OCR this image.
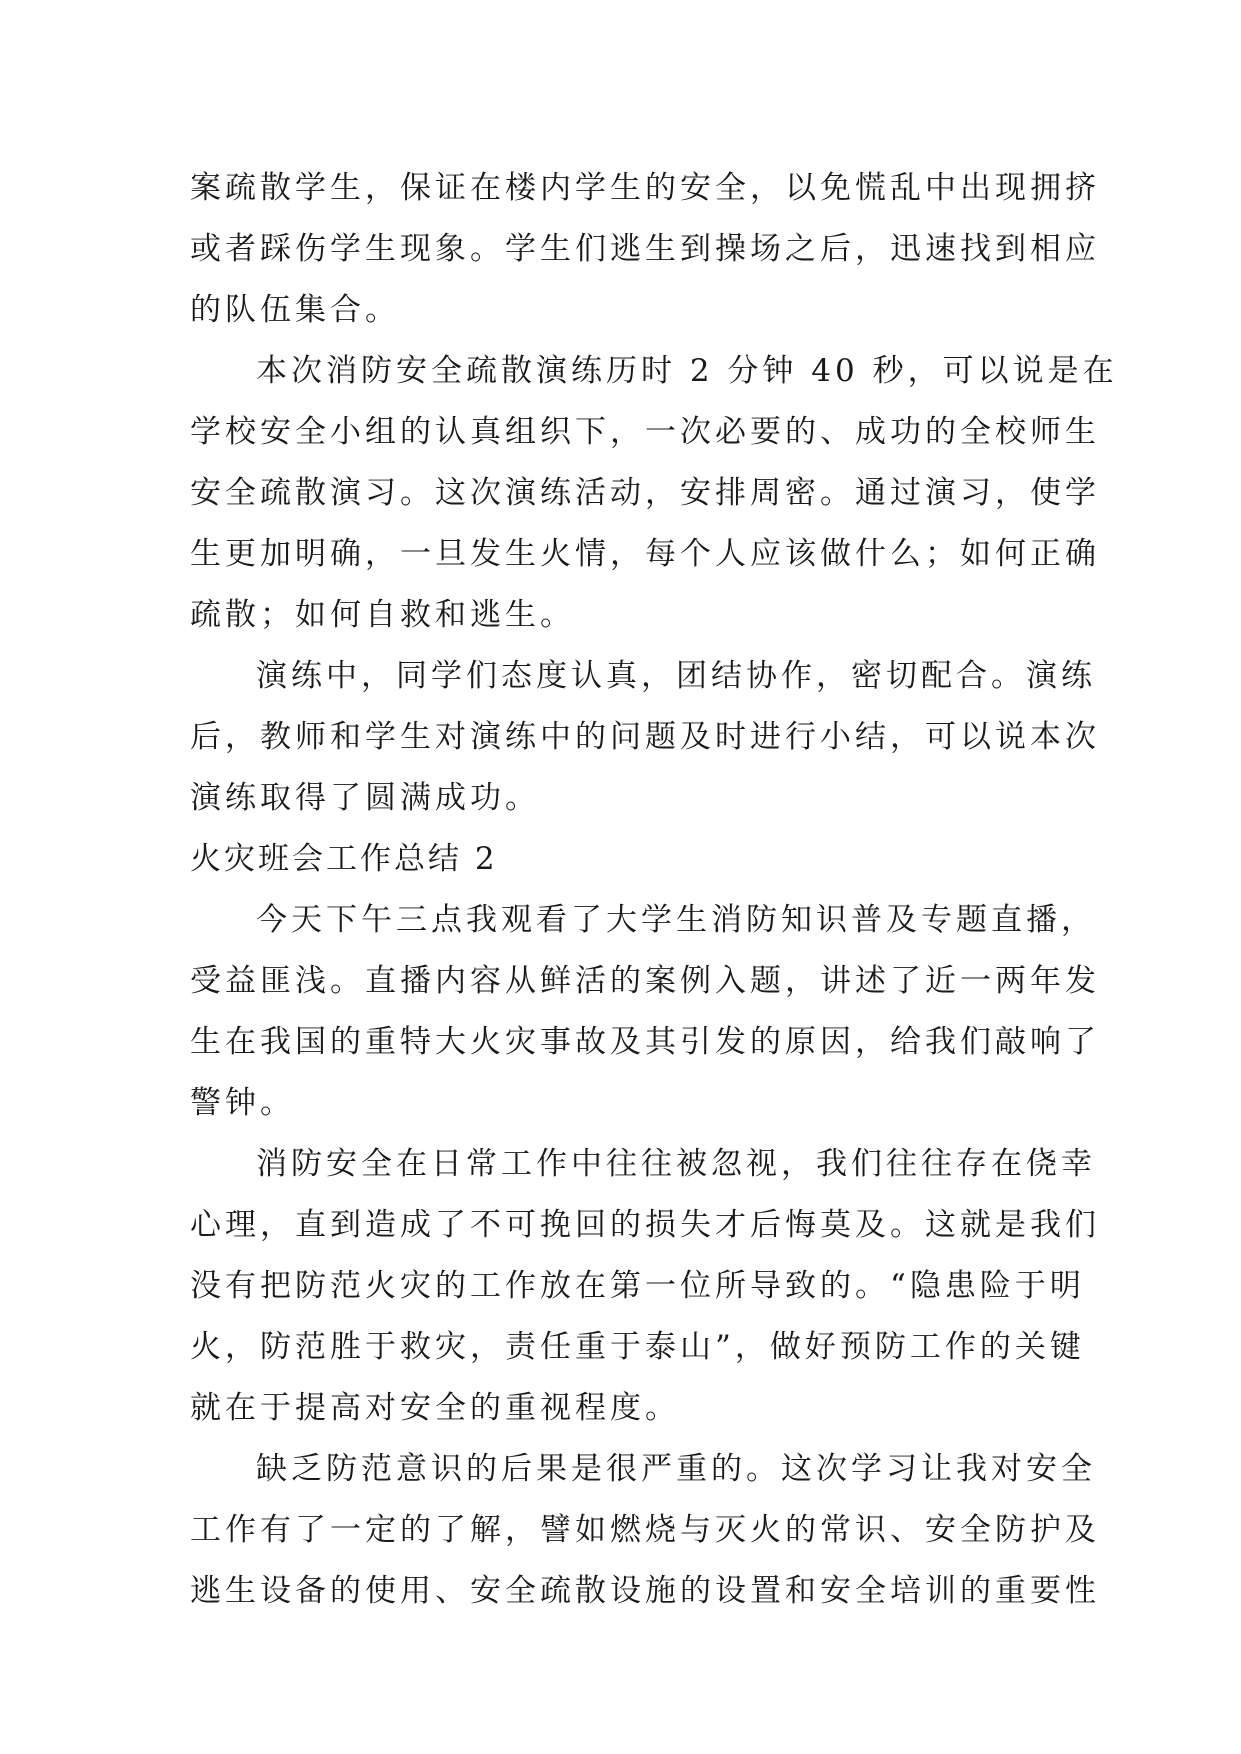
案疏散学生，保证在楼内学生的安全，以免慌乱中出现拥挤
或者踩伤学生现象。学生们逃生到操场之后，迅速找到相应
的队伍集合。
本次消防安全疏散演练历时 2 分钟 40 秒，可以说是在
学校安全小组的认真组织下，一次必要的、成功的全校师生
安全疏散演习。这次演练活动，安排周密。通过演习，使学
生更加明确，一旦发生火情，每个人应该做什么；如何正确
疏散；如何自救和逃生。
演练中，同学们态度认真，团结协作，密切配合。演练
后，教师和学生对演练中的问题及时进行小结，可以说本次
演练取得了圆满成功。
火灾班会工作总结 2
今天下午三点我观看了大学生消防知识普及专题直播，
受益匪浅。直播内容从鲜活的案例入题，讲述了近一两年发
生在我国的重特大火灾事故及其引发的原因，给我们敲响了
警钟。
消防安全在日常工作中往往被忽视，我们往往存在侥幸
心理，直到造成了不可挽回的损失才后悔莫及。这就是我们
没有把防范火灾的工作放在第一位所导致的。“隐患险于明
火，防范胜于救灾，责任重于泰山”，做好预防工作的关键
就在于提高对安全的重视程度。
缺乏防范意识的后果是很严重的。这次学习让我对安全
工作有了一定的了解，譬如燃烧与灭火的常识、安全防护及
逃生设备的使用、安全疏散设施的设置和安全培训的重要性
